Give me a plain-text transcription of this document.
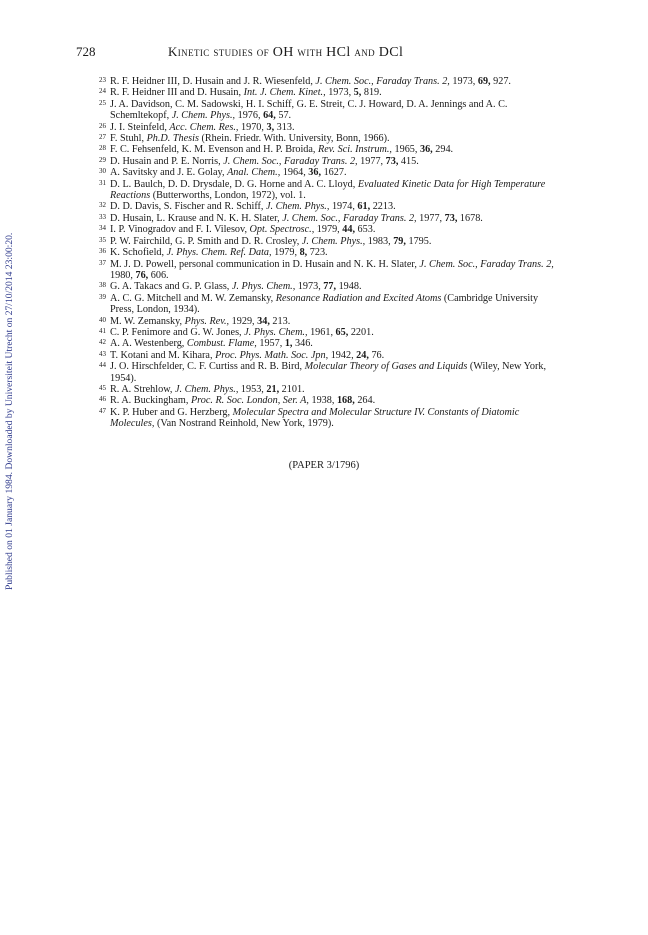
728	Kinetic studies of OH with HCl and DCl
Published on 01 January 1984. Downloaded by Universiteit Utrecht on 27/10/2014 23:00:20.
23 R. F. Heidner III, D. Husain and J. R. Wiesenfeld, J. Chem. Soc., Faraday Trans. 2, 1973, 69, 927.
24 R. F. Heidner III and D. Husain, Int. J. Chem. Kinet., 1973, 5, 819.
25 J. A. Davidson, C. M. Sadowski, H. I. Schiff, G. E. Streit, C. J. Howard, D. A. Jennings and A. C. Schemltekopf, J. Chem. Phys., 1976, 64, 57.
26 J. I. Steinfeld, Acc. Chem. Res., 1970, 3, 313.
27 F. Stuhl, Ph.D. Thesis (Rhein. Friedr. With. University, Bonn, 1966).
28 F. C. Fehsenfeld, K. M. Evenson and H. P. Broida, Rev. Sci. Instrum., 1965, 36, 294.
29 D. Husain and P. E. Norris, J. Chem. Soc., Faraday Trans. 2, 1977, 73, 415.
30 A. Savitsky and J. E. Golay, Anal. Chem., 1964, 36, 1627.
31 D. L. Baulch, D. D. Drysdale, D. G. Horne and A. C. Lloyd, Evaluated Kinetic Data for High Temperature Reactions (Butterworths, London, 1972), vol. 1.
32 D. D. Davis, S. Fischer and R. Schiff, J. Chem. Phys., 1974, 61, 2213.
33 D. Husain, L. Krause and N. K. H. Slater, J. Chem. Soc., Faraday Trans. 2, 1977, 73, 1678.
34 I. P. Vinogradov and F. I. Vilesov, Opt. Spectrosc., 1979, 44, 653.
35 P. W. Fairchild, G. P. Smith and D. R. Crosley, J. Chem. Phys., 1983, 79, 1795.
36 K. Schofield, J. Phys. Chem. Ref. Data, 1979, 8, 723.
37 M. J. D. Powell, personal communication in D. Husain and N. K. H. Slater, J. Chem. Soc., Faraday Trans. 2, 1980, 76, 606.
38 G. A. Takacs and G. P. Glass, J. Phys. Chem., 1973, 77, 1948.
39 A. C. G. Mitchell and M. W. Zemansky, Resonance Radiation and Excited Atoms (Cambridge University Press, London, 1934).
40 M. W. Zemansky, Phys. Rev., 1929, 34, 213.
41 C. P. Fenimore and G. W. Jones, J. Phys. Chem., 1961, 65, 2201.
42 A. A. Westenberg, Combust. Flame, 1957, 1, 346.
43 T. Kotani and M. Kihara, Proc. Phys. Math. Soc. Jpn, 1942, 24, 76.
44 J. O. Hirschfelder, C. F. Curtiss and R. B. Bird, Molecular Theory of Gases and Liquids (Wiley, New York, 1954).
45 R. A. Strehlow, J. Chem. Phys., 1953, 21, 2101.
46 R. A. Buckingham, Proc. R. Soc. London, Ser. A, 1938, 168, 264.
47 K. P. Huber and G. Herzberg, Molecular Spectra and Molecular Structure IV. Constants of Diatomic Molecules, (Van Nostrand Reinhold, New York, 1979).
(PAPER 3/1796)
